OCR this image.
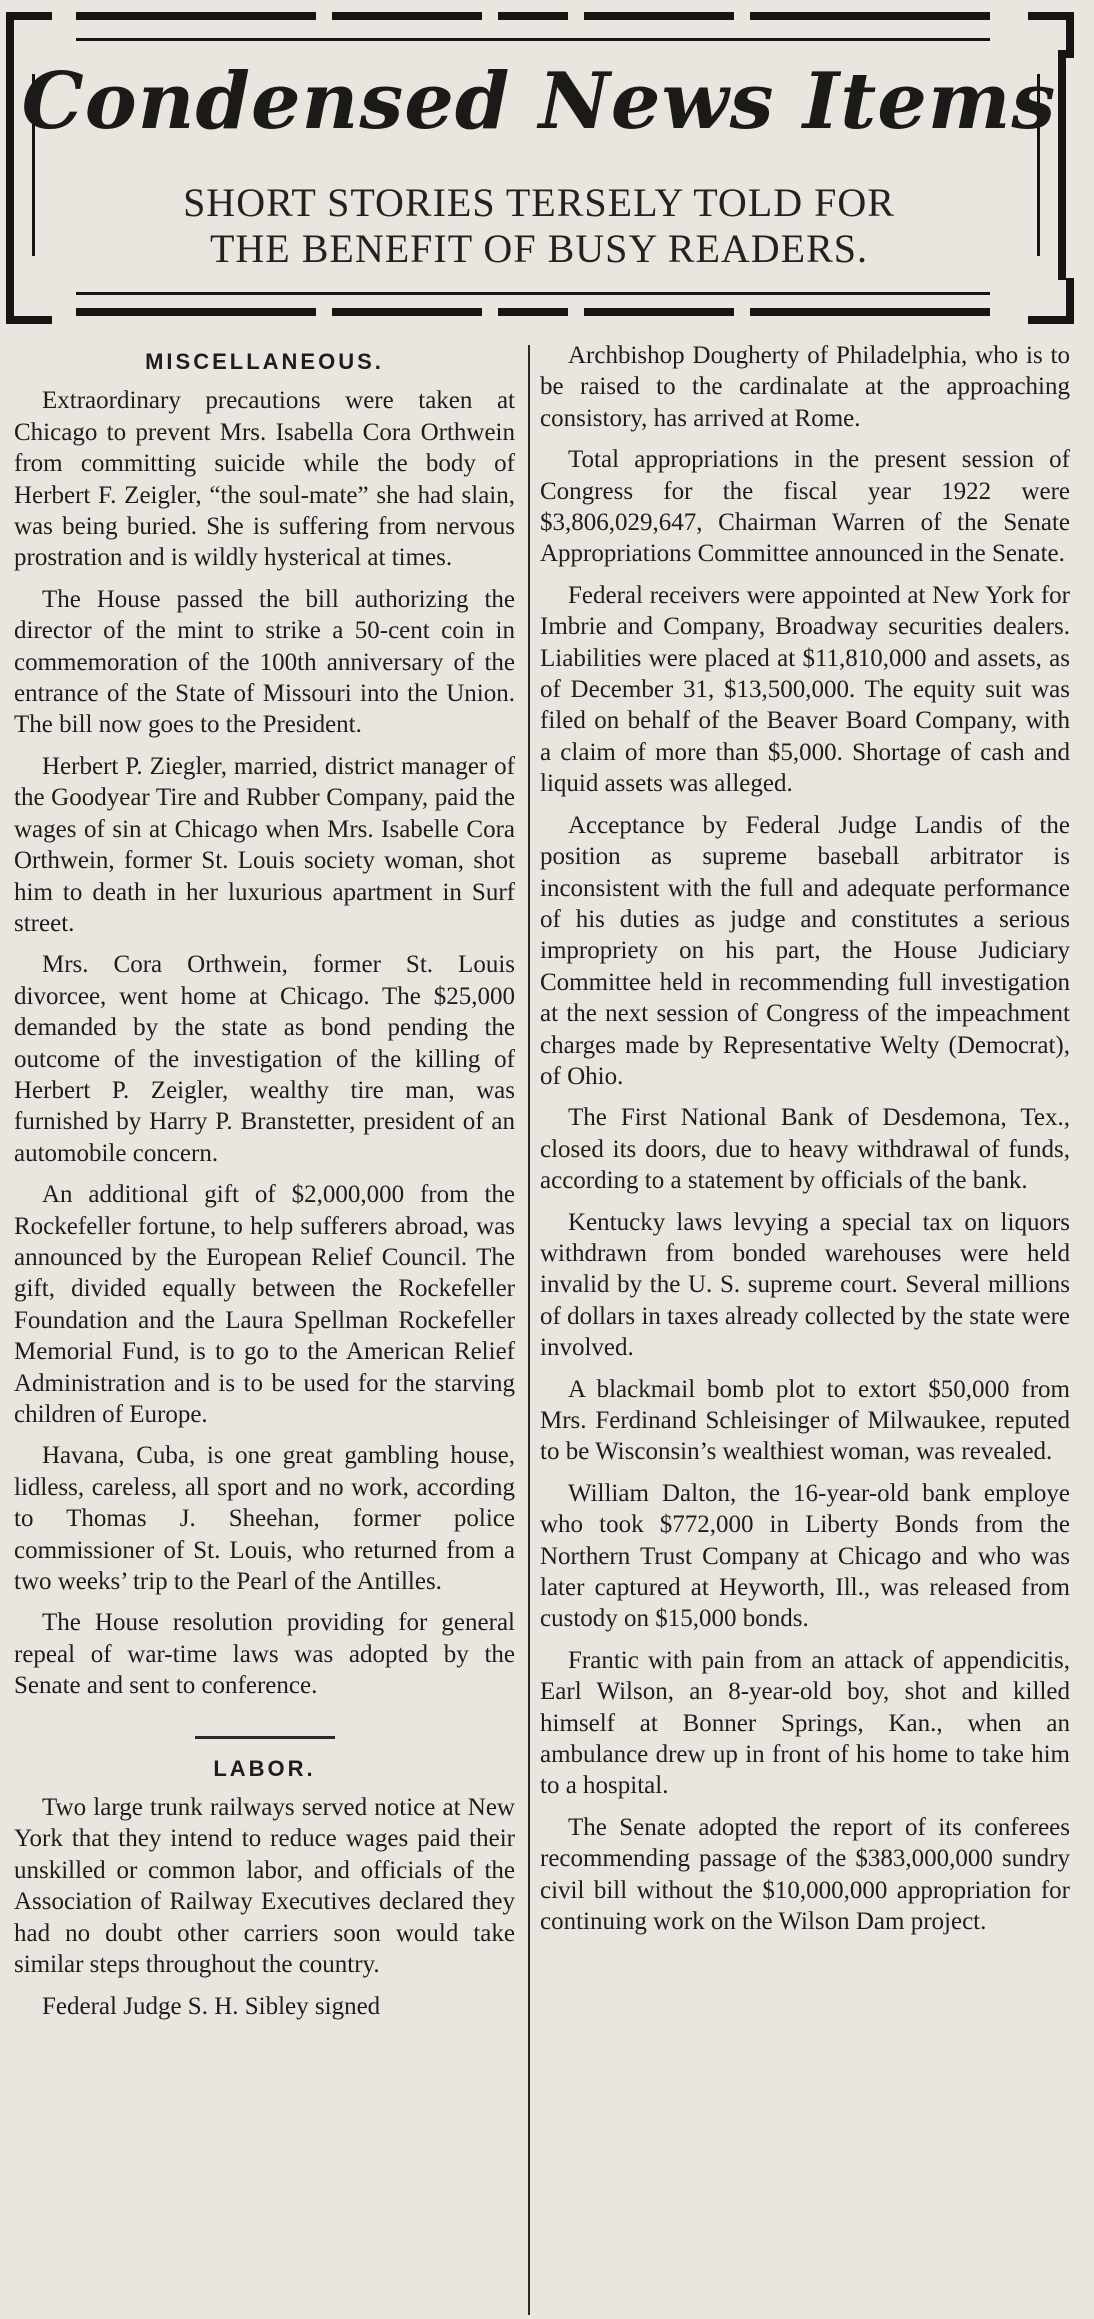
Condensed News Items
SHORT STORIES TERSELY TOLD FOR
THE BENEFIT OF BUSY READERS.
MISCELLANEOUS.

Extraordinary precautions were taken at Chicago to prevent Mrs. Isabella Cora Orthwein from committing suicide while the body of Herbert F. Zeigler, “the soul-mate” she had slain, was being buried. She is suffering from nervous prostration and is wildly hysterical at times.

The House passed the bill authorizing the director of the mint to strike a 50-cent coin in commemoration of the 100th anniversary of the entrance of the State of Missouri into the Union. The bill now goes to the President.

Herbert P. Ziegler, married, district manager of the Goodyear Tire and Rubber Company, paid the wages of sin at Chicago when Mrs. Isabelle Cora Orthwein, former St. Louis society woman, shot him to death in her luxurious apartment in Surf street.

Mrs. Cora Orthwein, former St. Louis divorcee, went home at Chicago. The $25,000 demanded by the state as bond pending the outcome of the investigation of the killing of Herbert P. Zeigler, wealthy tire man, was furnished by Harry P. Branstetter, president of an automobile concern.

An additional gift of $2,000,000 from the Rockefeller fortune, to help sufferers abroad, was announced by the European Relief Council. The gift, divided equally between the Rockefeller Foundation and the Laura Spellman Rockefeller Memorial Fund, is to go to the American Relief Administration and is to be used for the starving children of Europe.

Havana, Cuba, is one great gambling house, lidless, careless, all sport and no work, according to Thomas J. Sheehan, former police commissioner of St. Louis, who returned from a two weeks’ trip to the Pearl of the Antilles.

The House resolution providing for general repeal of war-time laws was adopted by the Senate and sent to conference.

LABOR.

Two large trunk railways served notice at New York that they intend to reduce wages paid their unskilled or common labor, and officials of the Association of Railway Executives declared they had no doubt other carriers soon would take similar steps throughout the country.

Federal Judge S. H. Sibley signed

Archbishop Dougherty of Philadelphia, who is to be raised to the cardinalate at the approaching consistory, has arrived at Rome.

Total appropriations in the present session of Congress for the fiscal year 1922 were $3,806,029,647, Chairman Warren of the Senate Appropriations Committee announced in the Senate.

Federal receivers were appointed at New York for Imbrie and Company, Broadway securities dealers. Liabilities were placed at $11,810,000 and assets, as of December 31, $13,500,000. The equity suit was filed on behalf of the Beaver Board Company, with a claim of more than $5,000. Shortage of cash and liquid assets was alleged.

Acceptance by Federal Judge Landis of the position as supreme baseball arbitrator is inconsistent with the full and adequate performance of his duties as judge and constitutes a serious impropriety on his part, the House Judiciary Committee held in recommending full investigation at the next session of Congress of the impeachment charges made by Representative Welty (Democrat), of Ohio.

The First National Bank of Desdemona, Tex., closed its doors, due to heavy withdrawal of funds, according to a statement by officials of the bank.

Kentucky laws levying a special tax on liquors withdrawn from bonded warehouses were held invalid by the U. S. supreme court. Several millions of dollars in taxes already collected by the state were involved.

A blackmail bomb plot to extort $50,000 from Mrs. Ferdinand Schleisinger of Milwaukee, reputed to be Wisconsin’s wealthiest woman, was revealed.

William Dalton, the 16-year-old bank employe who took $772,000 in Liberty Bonds from the Northern Trust Company at Chicago and who was later captured at Heyworth, Ill., was released from custody on $15,000 bonds.

Frantic with pain from an attack of appendicitis, Earl Wilson, an 8-year-old boy, shot and killed himself at Bonner Springs, Kan., when an ambulance drew up in front of his home to take him to a hospital.

The Senate adopted the report of its conferees recommending passage of the $383,000,000 sundry civil bill without the $10,000,000 appropriation for continuing work on the Wilson Dam project.
